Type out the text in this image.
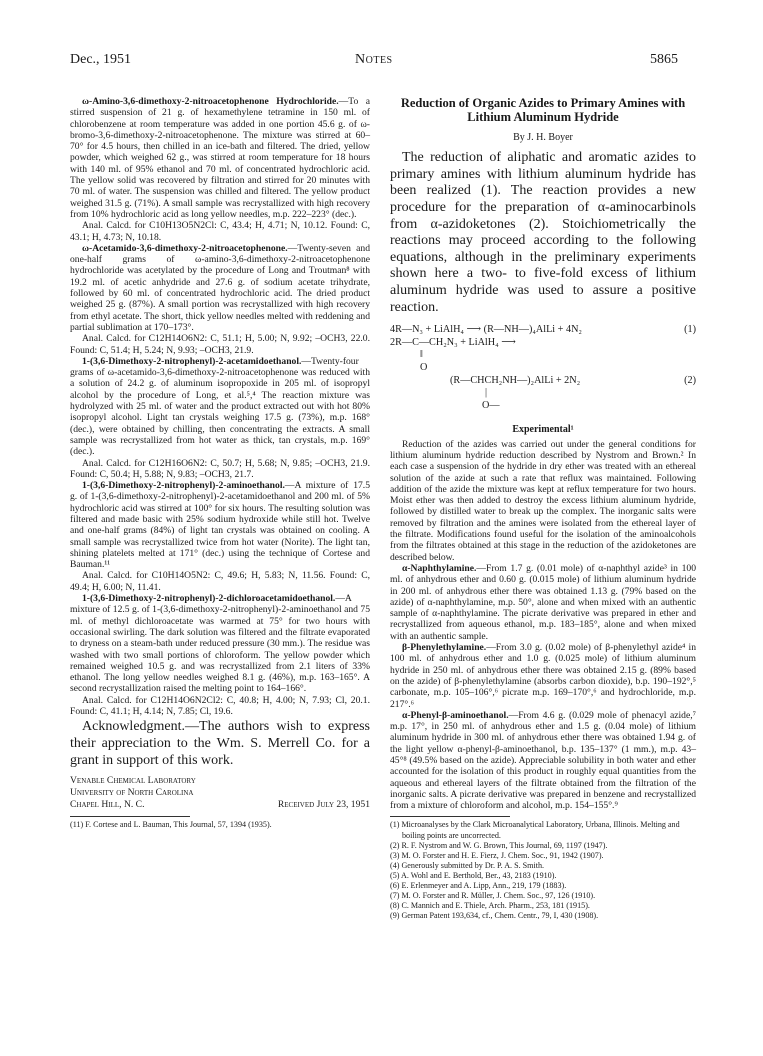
Dec., 1951	Notes	5865

ω-Amino-3,6-dimethoxy-2-nitroacetophenone Hydrochloride.—To a stirred suspension of 21 g. of hexamethylene tetramine in 150 ml. of chlorobenzene at room temperature was added in one portion 45.6 g. of ω-bromo-3,6-dimethoxy-2-nitroacetophenone. The mixture was stirred at 60–70° for 4.5 hours, then chilled in an ice-bath and filtered. The dried, yellow powder, which weighed 62 g., was stirred at room temperature for 18 hours with 140 ml. of 95% ethanol and 70 ml. of concentrated hydrochloric acid. The yellow solid was recovered by filtration and stirred for 20 minutes with 70 ml. of water. The suspension was chilled and filtered. The yellow product weighed 31.5 g. (71%). A small sample was recrystallized with high recovery from 10% hydrochloric acid as long yellow needles, m.p. 222–223° (dec.).

Anal. Calcd. for C10H13O5N2Cl: C, 43.4; H, 4.71; N, 10.12. Found: C, 43.1; H, 4.73; N, 10.18.

ω-Acetamido-3,6-dimethoxy-2-nitroacetophenone.—Twenty-seven and one-half grams of ω-amino-3,6-dimethoxy-2-nitroacetophenone hydrochloride was acetylated by the procedure of Long and Troutman⁸ with 19.2 ml. of acetic anhydride and 27.6 g. of sodium acetate trihydrate, followed by 60 ml. of concentrated hydrochloric acid. The dried product weighed 25 g. (87%). A small portion was recrystallized with high recovery from ethyl acetate. The short, thick yellow needles melted with reddening and partial sublimation at 170–173°.

Anal. Calcd. for C12H14O6N2: C, 51.1; H, 5.00; N, 9.92; –OCH3, 22.0. Found: C, 51.4; H, 5.24; N, 9.93; –OCH3, 21.9.

1-(3,6-Dimethoxy-2-nitrophenyl)-2-acetamidoethanol.—Twenty-four grams of ω-acetamido-3,6-dimethoxy-2-nitroacetophenone was reduced with a solution of 24.2 g. of aluminum isopropoxide in 205 ml. of isopropyl alcohol by the procedure of Long, et al.⁵,⁴ The reaction mixture was hydrolyzed with 25 ml. of water and the product extracted out with hot 80% isopropyl alcohol. Light tan crystals weighing 17.5 g. (73%), m.p. 168° (dec.), were obtained by chilling, then concentrating the extracts. A small sample was recrystallized from hot water as thick, tan crystals, m.p. 169° (dec.).

Anal. Calcd. for C12H16O6N2: C, 50.7; H, 5.68; N, 9.85; –OCH3, 21.9. Found: C, 50.4; H, 5.88; N, 9.83; –OCH3, 21.7.

1-(3,6-Dimethoxy-2-nitrophenyl)-2-aminoethanol.—A mixture of 17.5 g. of 1-(3,6-dimethoxy-2-nitrophenyl)-2-acetamidoethanol and 200 ml. of 5% hydrochloric acid was stirred at 100° for six hours. The resulting solution was filtered and made basic with 25% sodium hydroxide while still hot. Twelve and one-half grams (84%) of light tan crystals was obtained on cooling. A small sample was recrystallized twice from hot water (Norite). The light tan, shining platelets melted at 171° (dec.) using the technique of Cortese and Bauman.¹¹

Anal. Calcd. for C10H14O5N2: C, 49.6; H, 5.83; N, 11.56. Found: C, 49.4; H, 6.00; N, 11.41.

1-(3,6-Dimethoxy-2-nitrophenyl)-2-dichloroacetamidoethanol.—A mixture of 12.5 g. of 1-(3,6-dimethoxy-2-nitrophenyl)-2-aminoethanol and 75 ml. of methyl dichloroacetate was warmed at 75° for two hours with occasional swirling. The dark solution was filtered and the filtrate evaporated to dryness on a steam-bath under reduced pressure (30 mm.). The residue was washed with two small portions of chloroform. The yellow powder which remained weighed 10.5 g. and was recrystallized from 2.1 liters of 33% ethanol. The long yellow needles weighed 8.1 g. (46%), m.p. 163–165°. A second recrystallization raised the melting point to 164–166°.

Anal. Calcd. for C12H14O6N2Cl2: C, 40.8; H, 4.00; N, 7.93; Cl, 20.1. Found: C, 41.1; H, 4.14; N, 7.85; Cl, 19.6.

Acknowledgment.—The authors wish to express their appreciation to the Wm. S. Merrell Co. for a grant in support of this work.

Venable Chemical Laboratory
University of North Carolina
Received July 23, 1951
Chapel Hill, N. C.

(11) F. Cortese and L. Bauman, This Journal, 57, 1394 (1935).

Reduction of Organic Azides to Primary Amines with Lithium Aluminum Hydride
By J. H. Boyer

The reduction of aliphatic and aromatic azides to primary amines with lithium aluminum hydride has been realized (1). The reaction provides a new procedure for the preparation of α-aminocarbinols from α-azidoketones (2). Stoichiometrically the reactions may proceed according to the following equations, although in the preliminary experiments shown here a two- to five-fold excess of lithium aluminum hydride was used to assure a positive reaction.

4R—N₃ + LiAlH₄ ⟶ (R—NH—)₄AlLi + 4N₂	(1)
2R—C—CH₂N₃ + LiAlH₄ ⟶
‖
O
(R—CHCH₂NH—)₂AlLi + 2N₂	(2)
|
O—
Experimental¹

Reduction of the azides was carried out under the general conditions for lithium aluminum hydride reduction described by Nystrom and Brown.² In each case a suspension of the hydride in dry ether was treated with an ethereal solution of the azide at such a rate that reflux was maintained. Following addition of the azide the mixture was kept at reflux temperature for two hours. Moist ether was then added to destroy the excess lithium aluminum hydride, followed by distilled water to break up the complex. The inorganic salts were removed by filtration and the amines were isolated from the ethereal layer of the filtrate. Modifications found useful for the isolation of the aminoalcohols from the filtrates obtained at this stage in the reduction of the azidoketones are described below.

α-Naphthylamine.—From 1.7 g. (0.01 mole) of α-naphthyl azide³ in 100 ml. of anhydrous ether and 0.60 g. (0.015 mole) of lithium aluminum hydride in 200 ml. of anhydrous ether there was obtained 1.13 g. (79% based on the azide) of α-naphthylamine, m.p. 50°, alone and when mixed with an authentic sample of α-naphthylamine. The picrate derivative was prepared in ether and recrystallized from aqueous ethanol, m.p. 183–185°, alone and when mixed with an authentic sample.

β-Phenylethylamine.—From 3.0 g. (0.02 mole) of β-phenylethyl azide⁴ in 100 ml. of anhydrous ether and 1.0 g. (0.025 mole) of lithium aluminum hydride in 250 ml. of anhydrous ether there was obtained 2.15 g. (89% based on the azide) of β-phenylethylamine (absorbs carbon dioxide), b.p. 190–192°,⁵ carbonate, m.p. 105–106°,⁶ picrate m.p. 169–170°,⁶ and hydrochloride, m.p. 217°.⁶

α-Phenyl-β-aminoethanol.—From 4.6 g. (0.029 mole of phenacyl azide,⁷ m.p. 17°, in 250 ml. of anhydrous ether and 1.5 g. (0.04 mole) of lithium aluminum hydride in 300 ml. of anhydrous ether there was obtained 1.94 g. of the light yellow α-phenyl-β-aminoethanol, b.p. 135–137° (1 mm.), m.p. 43–45°⁸ (49.5% based on the azide). Appreciable solubility in both water and ether accounted for the isolation of this product in roughly equal quantities from the aqueous and ethereal layers of the filtrate obtained from the filtration of the inorganic salts. A picrate derivative was prepared in benzene and recrystallized from a mixture of chloroform and alcohol, m.p. 154–155°.⁹

(1) Microanalyses by the Clark Microanalytical Laboratory, Urbana, Illinois. Melting and boiling points are uncorrected.

(2) R. F. Nystrom and W. G. Brown, This Journal, 69, 1197 (1947).

(3) M. O. Forster and H. E. Fierz, J. Chem. Soc., 91, 1942 (1907).

(4) Generously submitted by Dr. P. A. S. Smith.

(5) A. Wohl and E. Berthold, Ber., 43, 2183 (1910).

(6) E. Erlenmeyer and A. Lipp, Ann., 219, 179 (1883).

(7) M. O. Forster and R. Müller, J. Chem. Soc., 97, 126 (1910).

(8) C. Mannich and E. Thiele, Arch. Pharm., 253, 181 (1915).

(9) German Patent 193,634, cf., Chem. Centr., 79, I, 430 (1908).
